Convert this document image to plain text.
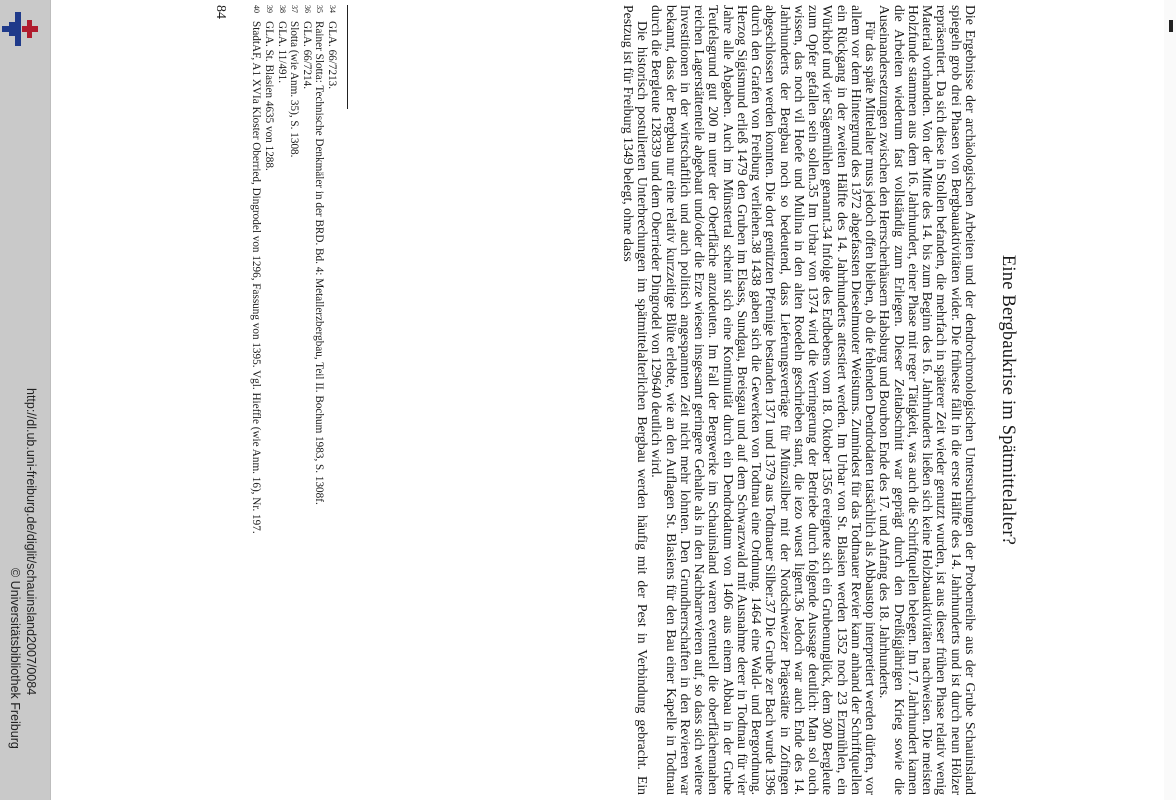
http://dl.ub.uni-freiburg.de/diglit/schauinsland2007/0084
© Universitätsbibliothek Freiburg
Eine Bergbaukrise im Spätmittelalter?

Die Ergebnisse der archäologischen Arbeiten und der dendrochronologischen Untersuchungen der Probenreihe aus der Grube Schauinsland spiegeln grob drei Phasen von Bergbauaktivitäten wider. Die früheste fällt in die erste Hälfte des 14. Jahrhunderts und ist durch neun Hölzer repräsentiert. Da sich diese in Stollen befanden, die mehrfach in späterer Zeit wieder genutzt wurden, ist aus dieser frühen Phase relativ wenig Material vorhanden. Von der Mitte des 14. bis zum Beginn des 16. Jahrhunderts ließen sich keine Holzbauaktivitäten nachweisen. Die meisten Holzfunde stammen aus dem 16. Jahrhundert, einer Phase mit reger Tätigkeit, was auch die Schriftquellen belegen. Im 17. Jahrhundert kamen die Arbeiten wiederum fast vollständig zum Erliegen. Dieser Zeitabschnitt war geprägt durch den Dreißigjährigen Krieg sowie die Auseinandersetzungen zwischen den Herrscherhäusern Habsburg und Bourbon Ende des 17. und Anfang des 18. Jahrhunderts.

Für das späte Mittelalter muss jedoch offen bleiben, ob die fehlenden Dendrodaten tatsächlich als Abbaustop interpretiert werden dürfen, vor allem vor dem Hintergrund des 1372 abgefassten Dieselmuoter Weistums. Zumindest für das Todtnauer Revier kann anhand der Schriftquellen ein Rückgang in der zweiten Hälfte des 14. Jahrhunderts attestiert werden. Im Urbar von St. Blasien werden 1352 noch 23 Erzmühlen, ein Würkhof und vier Sägemühlen genannt.34 Infolge des Erdbebens vom 18. Oktober 1356 ereignete sich ein Grubenunglück, dem 300 Bergleute zum Opfer gefallen sein sollen.35 Im Urbar von 1374 wird die Verringerung der Betriebe durch folgende Aussage deutlich: Man sol ouch wissen, das noch vil Hoefe und Mulina in den alten Roedeln geschrieben stant, die iezo wuest ligent.36 Jedoch war auch Ende des 14. Jahrhunderts der Bergbau noch so bedeutend, dass Lieferungsverträge für Münzsilber mit der Nordschweizer Prägestätte in Zofingen abgeschlossen werden konnten. Die dort genützten Pfennige bestanden 1371 und 1379 aus Todtnauer Silber.37 Die Grube zer Bach wurde 1396 durch den Grafen von Freiburg verliehen.38 1438 gaben sich die Gewerken von Todtnau eine Ordnung. 1464 eine Wald- und Bergordnung. Herzog Sigismund erließ 1479 den Gruben im Elsass, Sundgau, Breisgau und auf dem Schwarzwald mit Ausnahme derer in Todtnau für vier Jahre alle Abgaben. Auch im Münstertal scheint sich eine Kontinuität durch ein Dendrodatum von 1406 aus einem Abbau in der Grube Teufelsgrund gut 200 m unter der Oberfläche anzudeuten. Im Fall der Bergwerke im Schauinsland waren eventuell die oberflächennahen reichen Lagerstättenteile abgebaut und/oder die Erze wiesen insgesamt geringere Gehalte als in den Nachbarrevieren auf, so dass sich weitere Investitionen in der wirtschaftlich und auch politisch angespannten Zeit nicht mehr lohnten. Den Grundherrschaften in den Revieren war bekannt, dass der Bergbau nur eine relativ kurzzeitige Blüte erlebte, wie an den Auflagen St. Blasiens für den Bau einer Kapelle in Todtnau durch die Bergleute 128339 und dem Oberrieder Dingrodel von 129640 deutlich wird.

Die historisch postulierten Unterbrechungen im spätmittelalterlichen Bergbau werden häufig mit der Pest in Verbindung gebracht. Ein Pestzug ist für Freiburg 1349 belegt, ohne dass

34GLA. 66/7213.
35Rainer Slotta: Technische Denkmäler in der BRD. Bd. 4: Metallerzbergbau, Teil II. Bochum 1983, S. 1308f.
36GLA. 66/7214.
37Slotta (wie Anm. 35), S. 1308.
38GLA. 11/491.
39GLA. St. Blasien 4635 von 1288.
40StadtAF, A1 XVIa Kloster Oberried, Dingrodel von 1296, Fassung von 1395. Vgl. Hieffle (wie Anm. 16), Nr. 197.
84
